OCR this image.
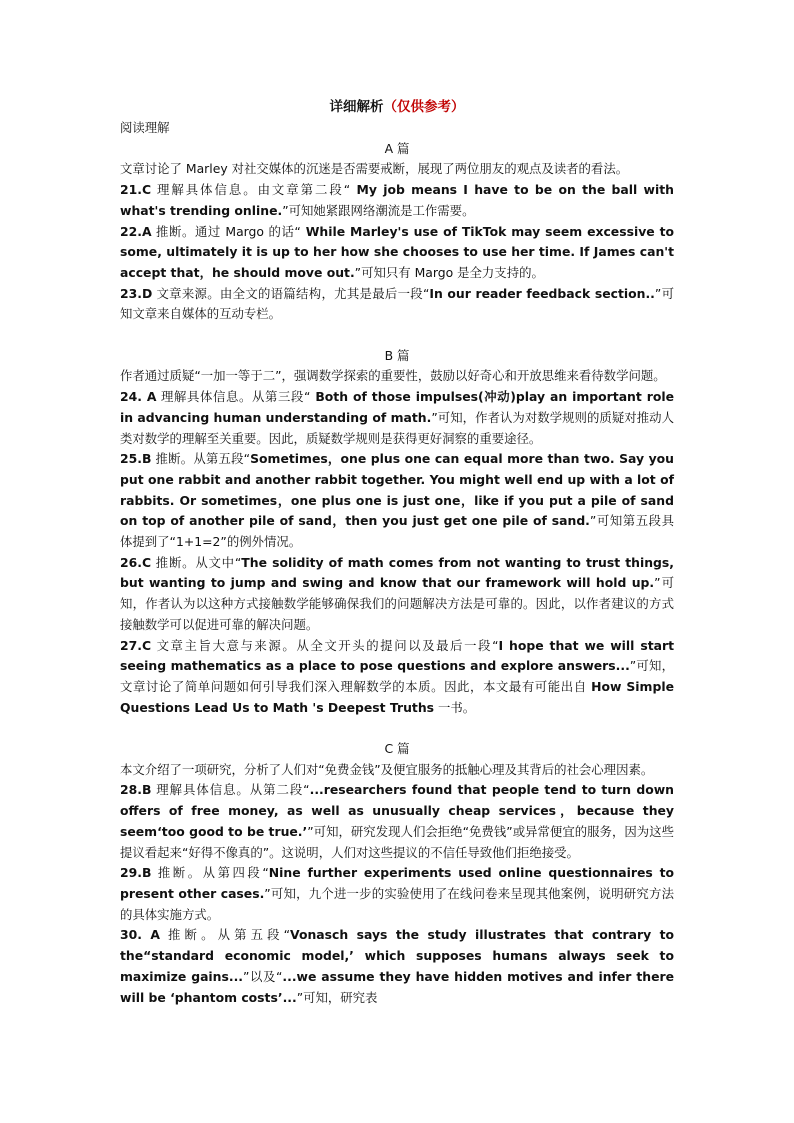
详细解析（仅供参考）

阅读理解

A 篇

文章讨论了 Marley 对社交媒体的沉迷是否需要戒断，展现了两位朋友的观点及读者的看法。

21.C 理解具体信息。由文章第二段“ My job means I have to be on the ball with what's trending online.”可知她紧跟网络潮流是工作需要。

22.A 推断。通过 Margo 的话“ While Marley's use of TikTok may seem excessive to some, ultimately it is up to her how she chooses to use her time. If James can't accept that，he should move out.”可知只有 Margo 是全力支持的。

23.D 文章来源。由全文的语篇结构，尤其是最后一段“In our reader feedback section..”可知文章来自媒体的互动专栏。

B 篇

作者通过质疑“一加一等于二”，强调数学探索的重要性，鼓励以好奇心和开放思维来看待数学问题。

24. A 理解具体信息。从第三段“ Both of those impulses(冲动)play an important role in advancing human understanding of math.”可知，作者认为对数学规则的质疑对推动人类对数学的理解至关重要。因此，质疑数学规则是获得更好洞察的重要途径。

25.B 推断。从第五段“Sometimes，one plus one can equal more than two. Say you put one rabbit and another rabbit together. You might well end up with a lot of rabbits. Or sometimes，one plus one is just one，like if you put a pile of sand on top of another pile of sand，then you just get one pile of sand.”可知第五段具体提到了“1+1=2”的例外情况。

26.C 推断。从文中“The solidity of math comes from not wanting to trust things, but wanting to jump and swing and know that our framework will hold up.”可知，作者认为以这种方式接触数学能够确保我们的问题解决方法是可靠的。因此，以作者建议的方式接触数学可以促进可靠的解决问题。

27.C 文章主旨大意与来源。从全文开头的提问以及最后一段“I hope that we will start seeing mathematics as a place to pose questions and explore answers...”可知，文章讨论了简单问题如何引导我们深入理解数学的本质。因此，本文最有可能出自 How Simple Questions Lead Us to Math 's Deepest Truths 一书。

C 篇

本文介绍了一项研究，分析了人们对“免费金钱”及便宜服务的抵触心理及其背后的社会心理因素。

28.B 理解具体信息。从第二段“...researchers found that people tend to turn down offers of free money, as well as unusually cheap services，because they seem‘too good to be true.’”可知，研究发现人们会拒绝“免费钱”或异常便宜的服务，因为这些提议看起来“好得不像真的”。这说明，人们对这些提议的不信任导致他们拒绝接受。

29.B 推断。从第四段“Nine further experiments used online questionnaires to present other cases.”可知，九个进一步的实验使用了在线问卷来呈现其他案例，说明研究方法的具体实施方式。

30. A 推断。从第五段“Vonasch says the study illustrates that contrary to the“standard economic model,’ which supposes humans always seek to maximize gains...”以及“...we assume they have hidden motives and infer there will be ‘phantom costs’...”可知，研究表
